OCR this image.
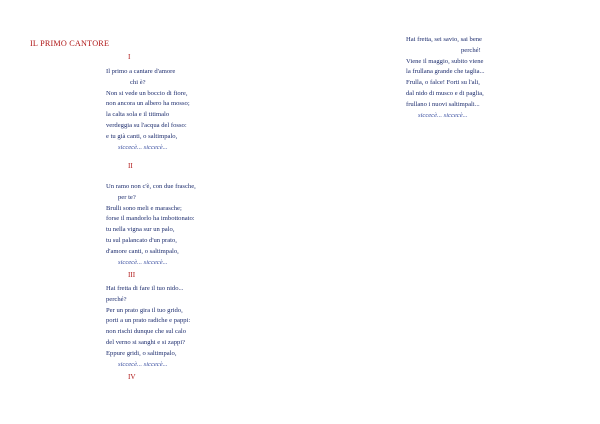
IL PRIMO CANTORE
I
Il primo a cantare d'amore
chi è?
Non si vede un boccio di fiore,
non ancora un albero ha mosso;
la calta sola e il titimalo
verdeggia su l'acqua del fosso:
e tu già canti, o saltimpalo,
siccecè... siccecè...
II
Un ramo non c'è, con due frasche,
per te?
Brulli sono meli e marasche;
forse il mandorlo ha imbottonato:
tu nella vigna sur un palo,
tu sul palancato d'un prato,
d'amore canti, o saltimpalo,
siccecè... siccecè...
III
Hai fretta di fare il tuo nido...
perché?
Per un prato gira il tuo grido,
porti a un prato radiche e pappi:
non rischi dunque che sul calo
del verno si sanghi e si zappi?
Eppure gridi, o saltimpalo,
siccecè... siccecè...
IV
Hai fretta, sei savio, sai bene
perché!
Viene il maggio, subito viene
la frullana grande che taglia...
Frulla, o falce! Forti su l'ali,
dal nido di musco e di paglia,
frullano i nuovi saltimpali...
siccecè... siccecè...
